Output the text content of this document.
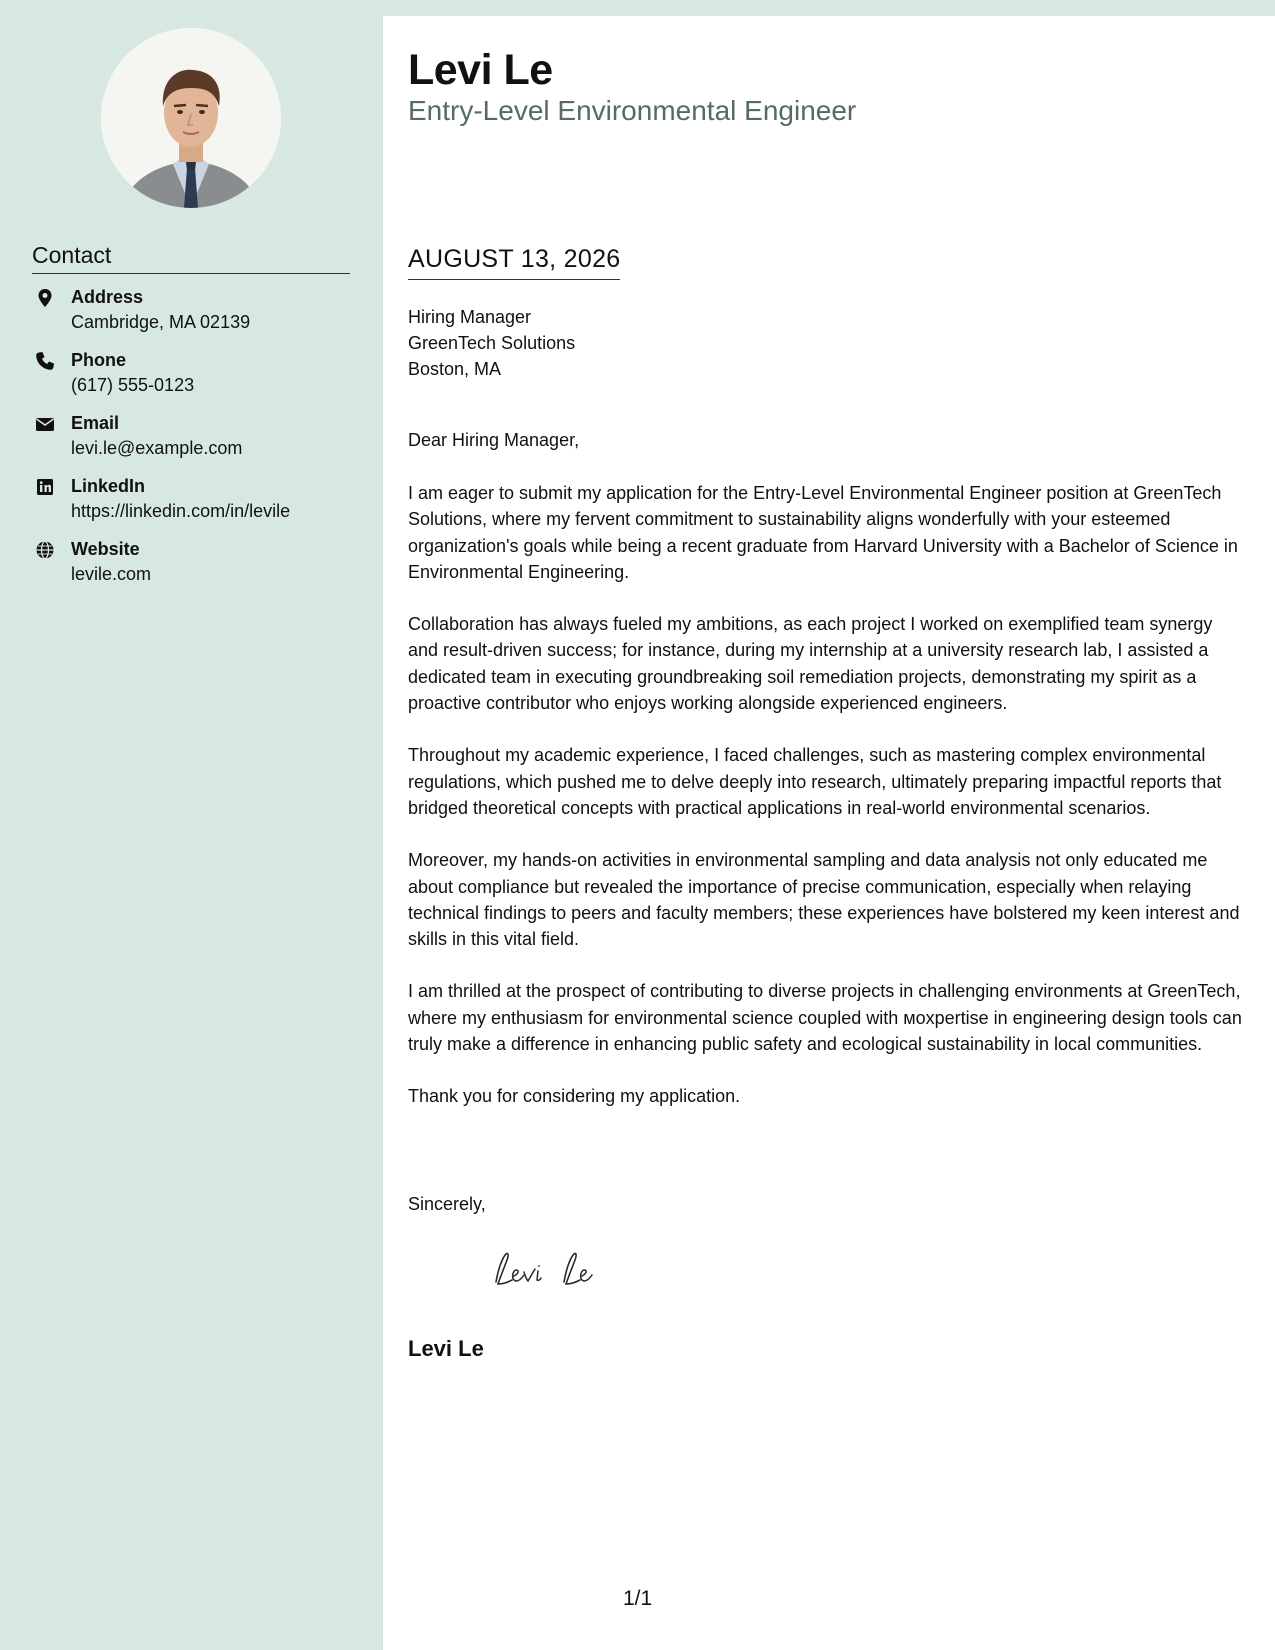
Contact
Address
Cambridge, MA 02139
Phone
(617) 555-0123
Email
levi.le@example.com
LinkedIn
https://linkedin.com/in/levile
Website
levile.com
Levi Le
Entry-Level Environmental Engineer
AUGUST 13, 2026
Hiring Manager
GreenTech Solutions
Boston, MA
Dear Hiring Manager,

I am eager to submit my application for the Entry-Level Environmental Engineer position at GreenTech Solutions, where my fervent commitment to sustainability aligns wonderfully with your esteemed organization's goals while being a recent graduate from Harvard University with a Bachelor of Science in Environmental Engineering.

Collaboration has always fueled my ambitions, as each project I worked on exemplified team synergy and result-driven success; for instance, during my internship at a university research lab, I assisted a dedicated team in executing groundbreaking soil remediation projects, demonstrating my spirit as a proactive contributor who enjoys working alongside experienced engineers.

Throughout my academic experience, I faced challenges, such as mastering complex environmental regulations, which pushed me to delve deeply into research, ultimately preparing impactful reports that bridged theoretical concepts with practical applications in real-world environmental scenarios.

Moreover, my hands-on activities in environmental sampling and data analysis not only educated me about compliance but revealed the importance of precise communication, especially when relaying technical findings to peers and faculty members; these experiences have bolstered my keen interest and skills in this vital field.

I am thrilled at the prospect of contributing to diverse projects in challenging environments at GreenTech, where my enthusiasm for environmental science coupled with мoxpertise in engineering design tools can truly make a difference in enhancing public safety and ecological sustainability in local communities.

Thank you for considering my application.

Sincerely,
Levi Le
1/1
